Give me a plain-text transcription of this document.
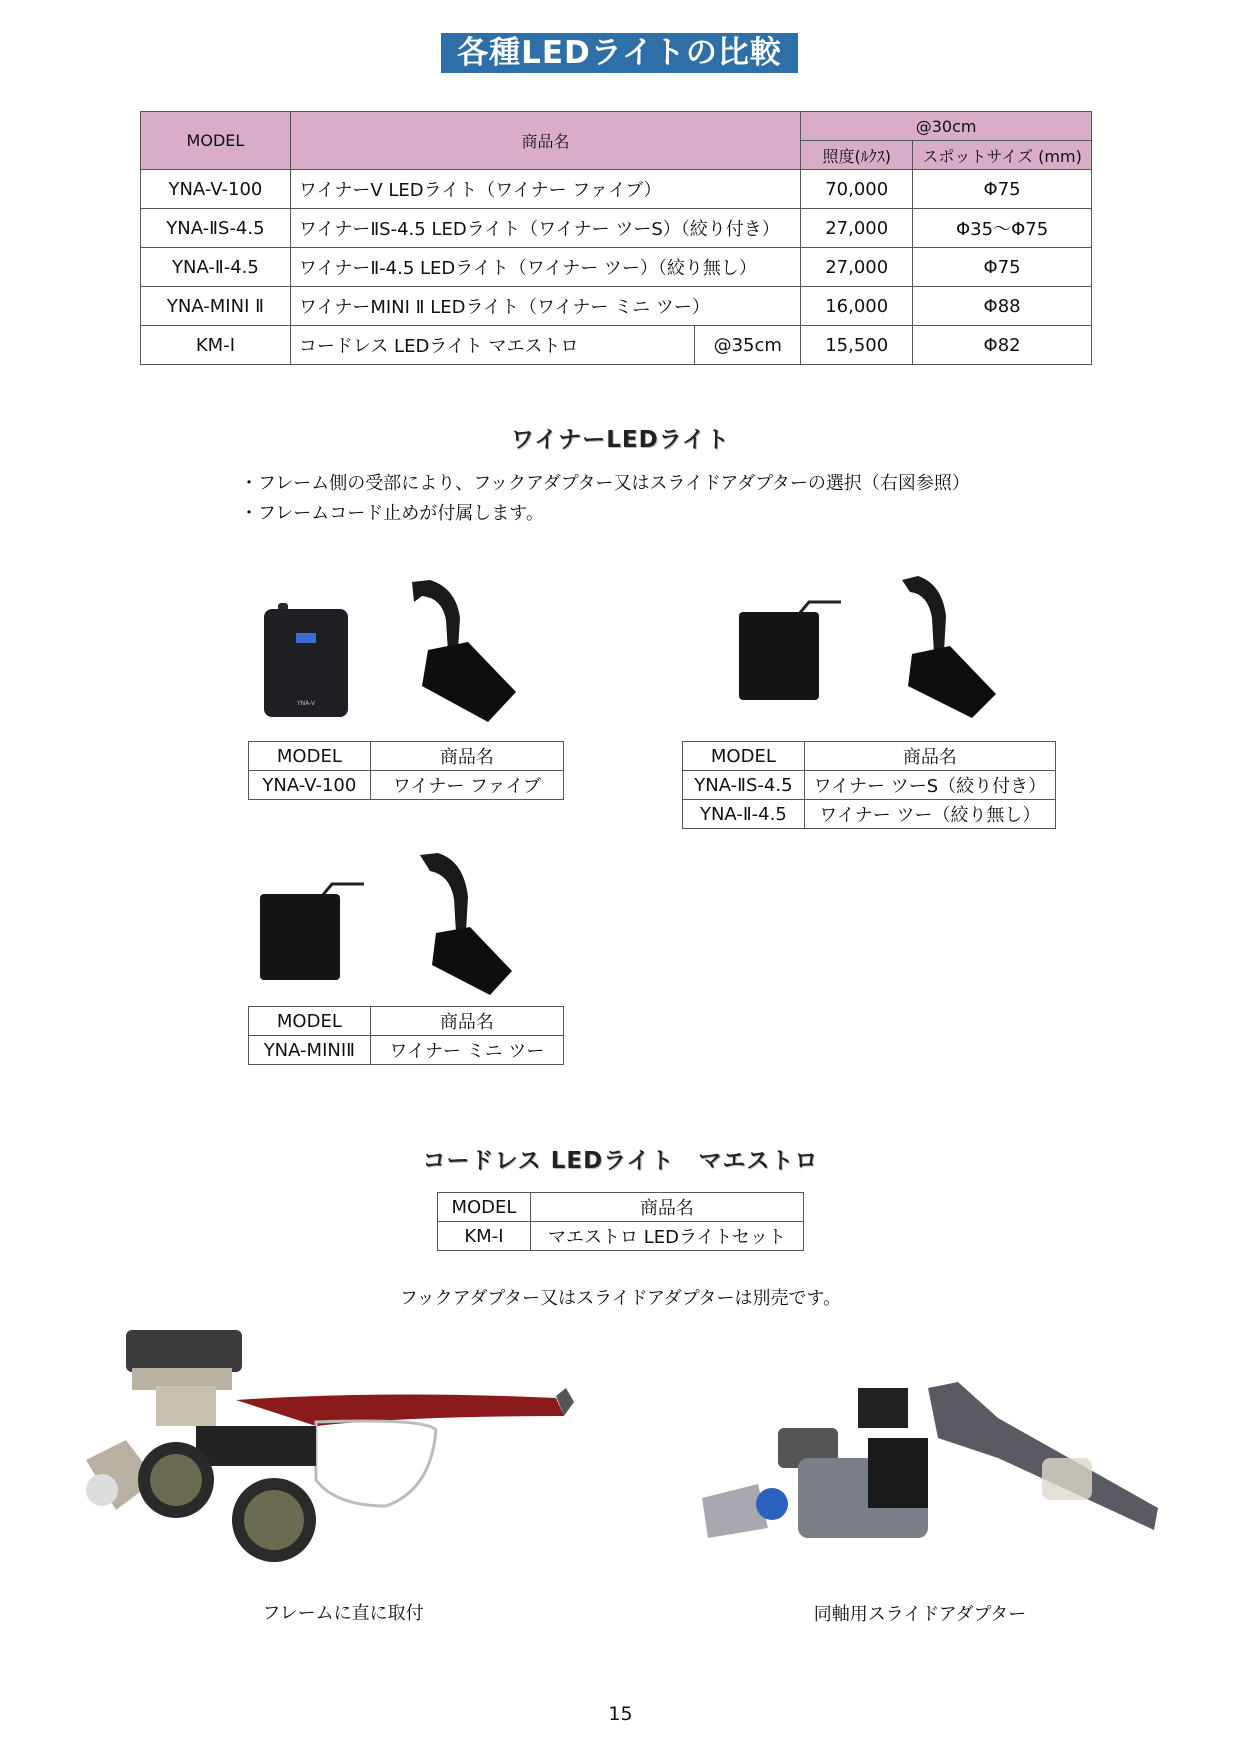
各種LEDライトの比較
MODEL	商品名		@30cm	
			照度(ﾙｸｽ)	スポットサイズ (mm)
YNA-V-100	ワイナーV LEDライト（ワイナー ファイブ）		70,000	Φ75
YNA-ⅡS-4.5	ワイナーⅡS-4.5 LEDライト（ワイナー ツーS）（絞り付き）		27,000	Φ35～Φ75
YNA-Ⅱ-4.5	ワイナーⅡ-4.5 LEDライト（ワイナー ツー）（絞り無し）		27,000	Φ75
YNA-MINI Ⅱ	ワイナーMINI Ⅱ LEDライト（ワイナー ミニ ツー）		16,000	Φ88
KM-I	コードレス LEDライト マエストロ	@35cm	15,500	Φ82
ワイナーLEDライト
・フレーム側の受部により、フックアダプター又はスライドアダプターの選択（右図参照）
・フレームコード止めが付属します。
YNA-V
MODEL	商品名
YNA-V-100	ワイナー ファイブ
MODEL	商品名
YNA-ⅡS-4.5	ワイナー ツーS（絞り付き）
YNA-Ⅱ-4.5	ワイナー ツー（絞り無し）
MODEL	商品名
YNA-MINIⅡ	ワイナー ミニ ツー
コードレス LEDライト　マエストロ
MODEL	商品名
KM-I	マエストロ LEDライトセット
フックアダプター又はスライドアダプターは別売です。
フレームに直に取付	同軸用スライドアダプター
15
